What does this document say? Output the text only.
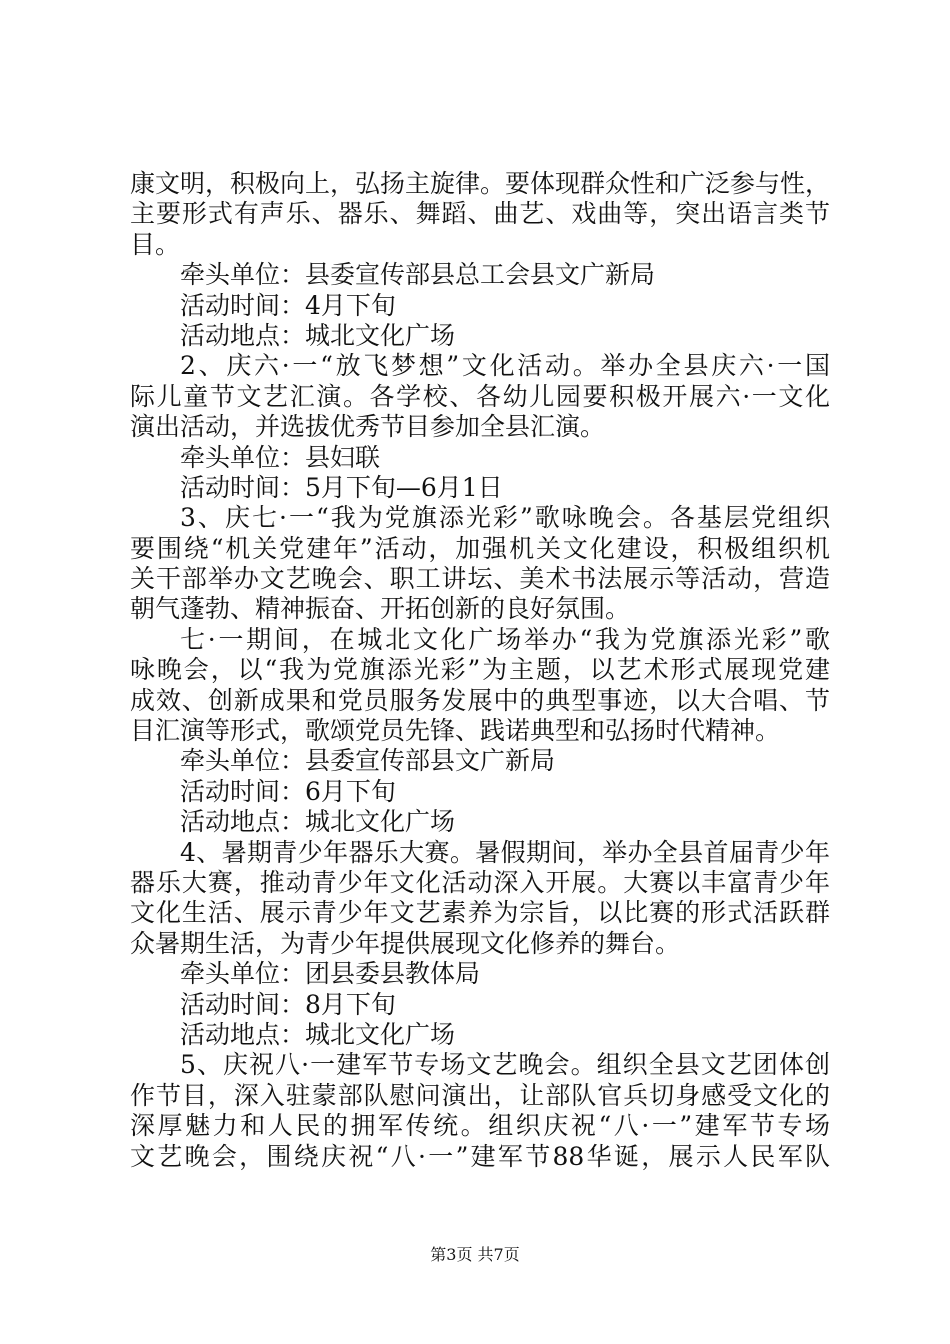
康文明，积极向上，弘扬主旋律。要体现群众性和广泛参与性，
主要形式有声乐、器乐、舞蹈、曲艺、戏曲等，突出语言类节
目。
牵头单位：县委宣传部县总工会县文广新局
活动时间：4月下旬
活动地点：城北文化广场
2、庆六·一“放飞梦想”文化活动。举办全县庆六·一国
际儿童节文艺汇演。各学校、各幼儿园要积极开展六·一文化
演出活动，并选拔优秀节目参加全县汇演。
牵头单位：县妇联
活动时间：5月下旬—6月1日
3、庆七·一“我为党旗添光彩”歌咏晚会。各基层党组织
要围绕“机关党建年”活动，加强机关文化建设，积极组织机
关干部举办文艺晚会、职工讲坛、美术书法展示等活动，营造
朝气蓬勃、精神振奋、开拓创新的良好氛围。
七·一期间，在城北文化广场举办“我为党旗添光彩”歌
咏晚会，以“我为党旗添光彩”为主题，以艺术形式展现党建
成效、创新成果和党员服务发展中的典型事迹，以大合唱、节
目汇演等形式，歌颂党员先锋、践诺典型和弘扬时代精神。
牵头单位：县委宣传部县文广新局
活动时间：6月下旬
活动地点：城北文化广场
4、暑期青少年器乐大赛。暑假期间，举办全县首届青少年
器乐大赛，推动青少年文化活动深入开展。大赛以丰富青少年
文化生活、展示青少年文艺素养为宗旨，以比赛的形式活跃群
众暑期生活，为青少年提供展现文化修养的舞台。
牵头单位：团县委县教体局
活动时间：8月下旬
活动地点：城北文化广场
5、庆祝八·一建军节专场文艺晚会。组织全县文艺团体创
作节目，深入驻蒙部队慰问演出，让部队官兵切身感受文化的
深厚魅力和人民的拥军传统。组织庆祝“八·一”建军节专场
文艺晚会，围绕庆祝“八·一”建军节88华诞，展示人民军队
第3页 共7页
